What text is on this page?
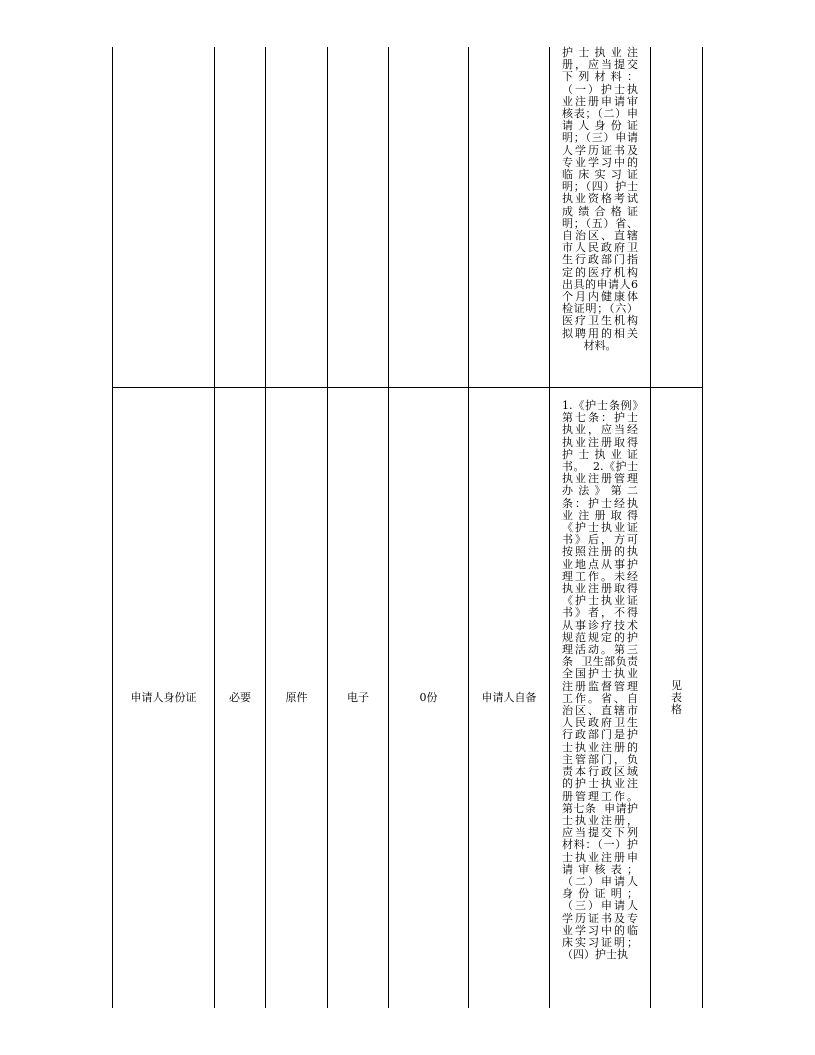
						护士执业注册，应当提交下列材料：（一）护士执业注册申请审核表；（二）申请人身份证明；（三）申请人学历证书及专业学习中的临床实习证明；（四）护士执业资格考试成绩合格证明；（五）省、自治区、直辖市人民政府卫生行政部门指定的医疗机构出具的申请人6个月内健康体检证明；（六）医疗卫生机构拟聘用的相关材料。	

申请人身份证	必要	原件	电子	0份	申请人自备	1.《护士条例》第七条：护士执业，应当经执业注册取得护士执业证书。  2.《护士执业注册管理办法》第二条：护士经执业注册取得《护士执业证书》后，方可按照注册的执业地点从事护理工作。未经执业注册取得《护士执业证书》者，不得从事诊疗技术规范规定的护理活动。第三条  卫生部负责全国护士执业注册监督管理工作。省、自治区、直辖市人民政府卫生行政部门是护士执业注册的主管部门，负责本行政区域的护士执业注册管理工作。第七条  申请护士执业注册，应当提交下列材料：（一）护士执业注册申请审核表；（二）申请人身份证明；（三）申请人学历证书及专业学习中的临床实习证明；（四）护士执	见表格
